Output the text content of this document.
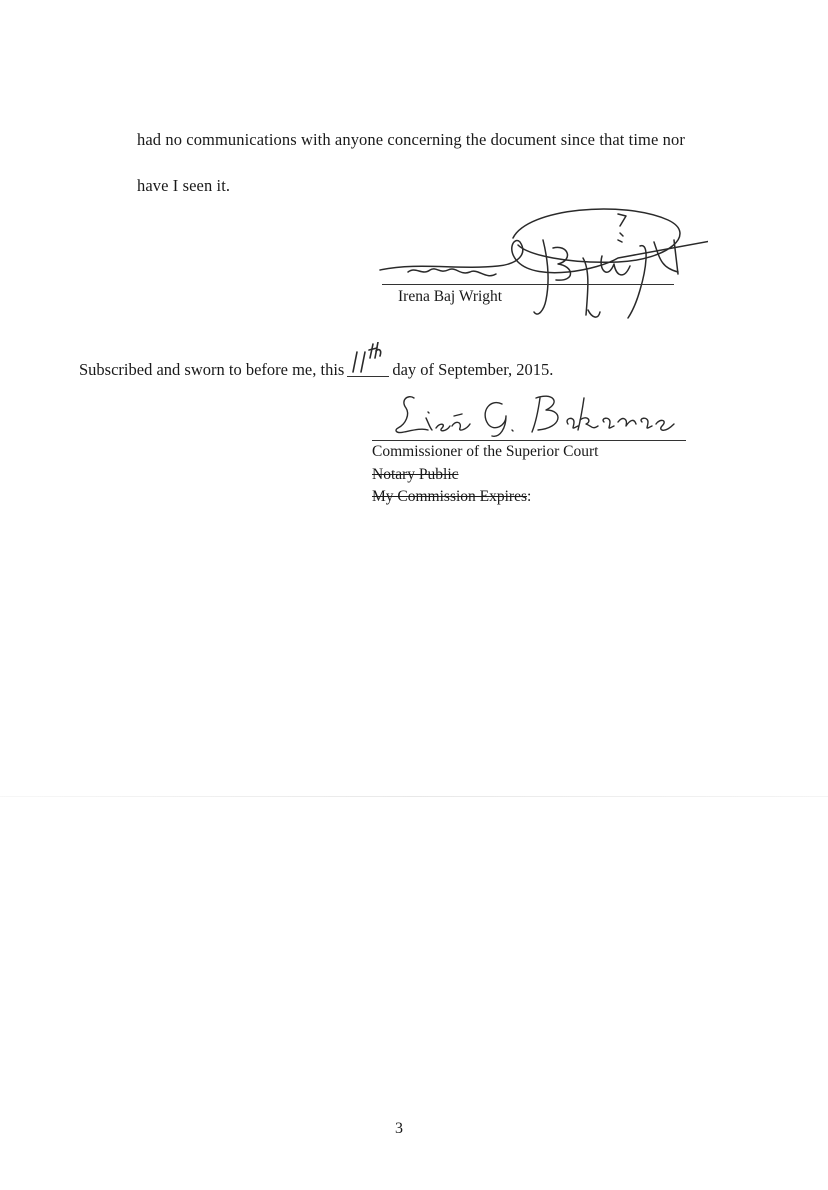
had no communications with anyone concerning the document since that time nor
have I seen it.
Irena Baj Wright
Subscribed and sworn to before me, this	day of September, 2015.
Commissioner of the Superior Court
Notary Public
My Commission Expires:
3
